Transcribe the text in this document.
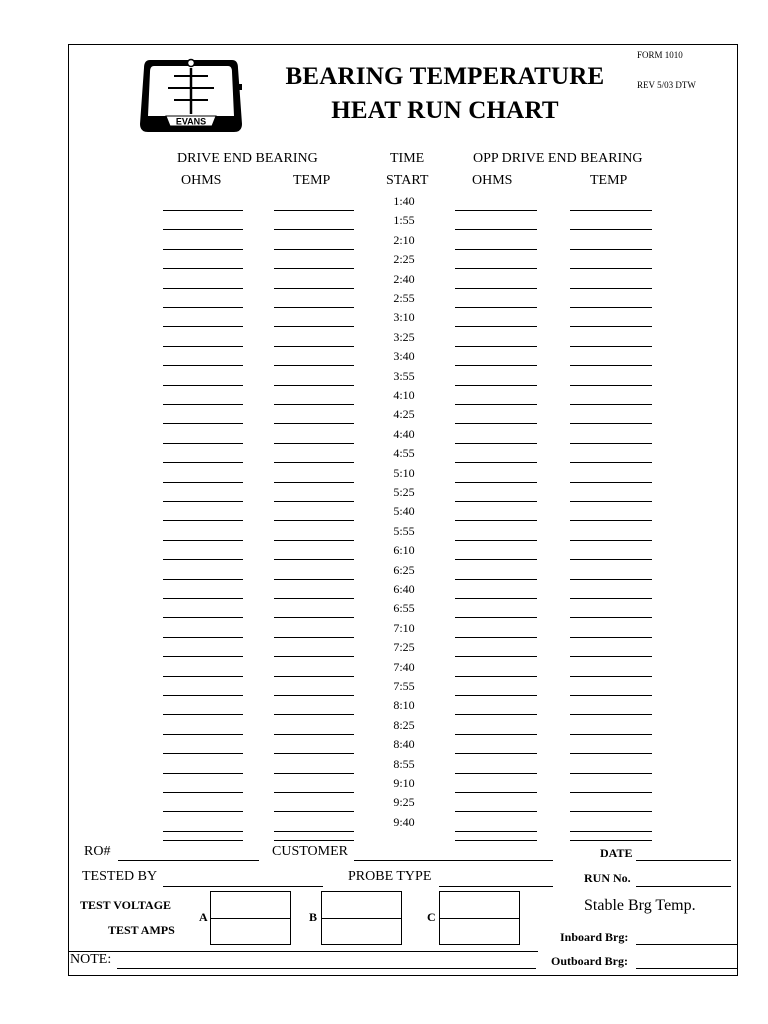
FORM 1010
REV 5/03 DTW
EVANS
BEARING TEMPERATURE
HEAT RUN CHART
DRIVE END BEARING	TIME	OPP DRIVE END BEARING
OHMS	TEMP	START	OHMS	TEMP
1:40
1:55
2:10
2:25
2:40
2:55
3:10
3:25
3:40
3:55
4:10
4:25
4:40
4:55
5:10
5:25
5:40
5:55
6:10
6:25
6:40
6:55
7:10
7:25
7:40
7:55
8:10
8:25
8:40
8:55
9:10
9:25
9:40
RO#	CUSTOMER	DATE
TESTED BY	PROBE TYPE	RUN No.
TEST VOLTAGE
TEST AMPS
A	B	C
Stable Brg Temp.
Inboard Brg:
NOTE:	Outboard Brg:
